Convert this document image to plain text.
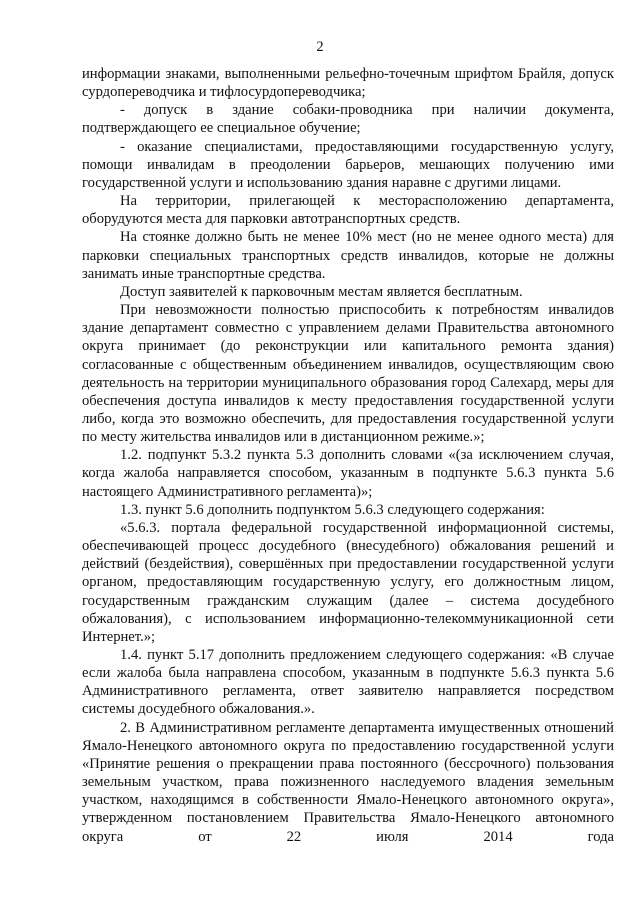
2

информации знаками, выполненными рельефно-точечным шрифтом Брайля, допуск сурдопереводчика и тифлосурдопереводчика;

- допуск в здание собаки-проводника при наличии документа, подтверждающего ее специальное обучение;

- оказание специалистами, предоставляющими государственную услугу, помощи инвалидам в преодолении барьеров, мешающих получению ими государственной услуги и использованию здания наравне с другими лицами.

На территории, прилегающей к месторасположению департамента, оборудуются места для парковки автотранспортных средств.

На стоянке должно быть не менее 10% мест (но не менее одного места) для парковки специальных транспортных средств инвалидов, которые не должны занимать иные транспортные средства.

Доступ заявителей к парковочным местам является бесплатным.

При невозможности полностью приспособить к потребностям инвалидов здание департамент совместно с управлением делами Правительства автономного округа принимает (до реконструкции или капитального ремонта здания) согласованные с общественным объединением инвалидов, осуществляющим свою деятельность на территории муниципального образования город Салехард, меры для обеспечения доступа инвалидов к месту предоставления государственной услуги либо, когда это возможно обеспечить, для предоставления государственной услуги по месту жительства инвалидов или в дистанционном режиме.»;

1.2. подпункт 5.3.2 пункта 5.3 дополнить словами «(за исключением случая, когда жалоба направляется способом, указанным в подпункте 5.6.3 пункта 5.6 настоящего Административного регламента)»;

1.3. пункт 5.6 дополнить подпунктом 5.6.3 следующего содержания:

«5.6.3. портала федеральной государственной информационной системы, обеспечивающей процесс досудебного (внесудебного) обжалования решений и действий (бездействия), совершённых при предоставлении государственной услуги органом, предоставляющим государственную услугу, его должностным лицом, государственным гражданским служащим (далее – система досудебного обжалования), с использованием информационно-телекоммуникационной сети Интернет.»;

1.4. пункт 5.17 дополнить предложением следующего содержания: «В случае если жалоба была направлена способом, указанным в подпункте 5.6.3 пункта 5.6 Административного регламента, ответ заявителю направляется посредством системы досудебного обжалования.».

2. В Административном регламенте департамента имущественных отношений Ямало-Ненецкого автономного округа по предоставлению государственной услуги «Принятие решения о прекращении права постоянного (бессрочного) пользования земельным участком, права пожизненного наследуемого владения земельным участком, находящимся в собственности Ямало-Ненецкого автономного округа», утвержденном постановлением Правительства Ямало-Ненецкого автономного округа от 22 июля 2014 года
